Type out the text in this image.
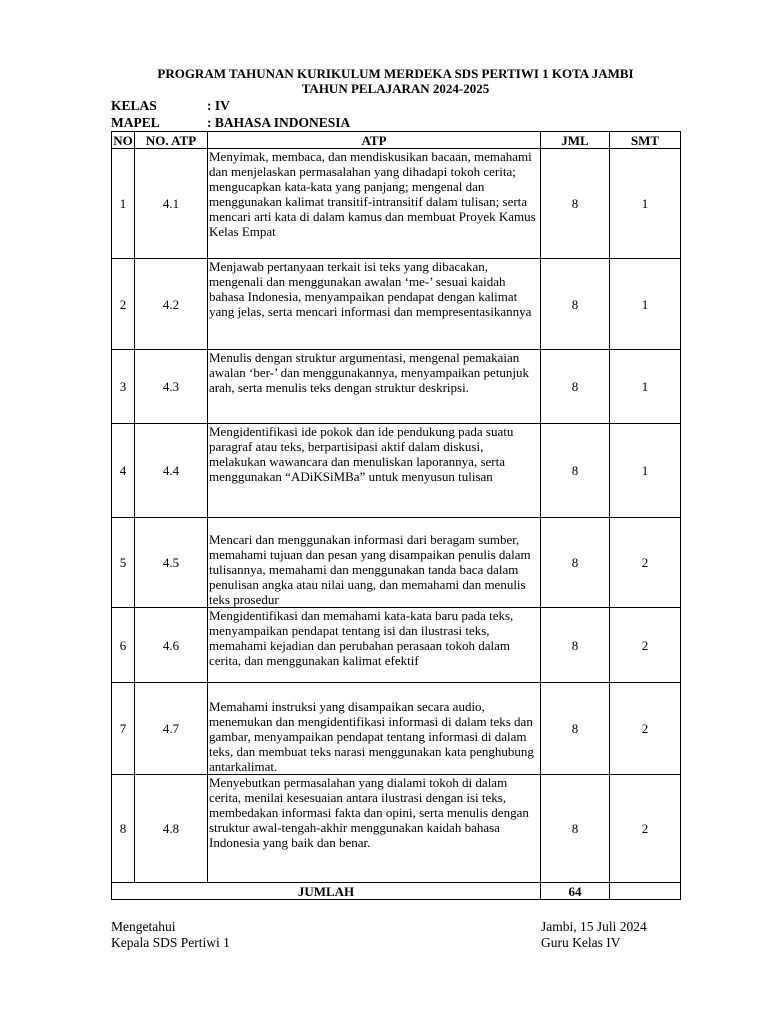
PROGRAM TAHUNAN KURIKULUM MERDEKA SDS PERTIWI 1 KOTA JAMBI
TAHUN PELAJARAN 2024-2025
KELAS	: IV
MAPEL	: BAHASA INDONESIA
NO	NO. ATP	ATP	JML	SMT
1	4.1	Menyimak, membaca, dan mendiskusikan bacaan, memahami dan menjelaskan permasalahan yang dihadapi tokoh cerita; mengucapkan kata-kata yang panjang; mengenal dan menggunakan kalimat transitif-intransitif dalam tulisan; serta mencari arti kata di dalam kamus dan membuat Proyek Kamus Kelas Empat	8	1
2	4.2	Menjawab pertanyaan terkait isi teks yang dibacakan, mengenali dan menggunakan awalan ‘me-’ sesuai kaidah bahasa Indonesia, menyampaikan pendapat dengan kalimat yang jelas, serta mencari informasi dan mempresentasikannya	8	1
3	4.3	Menulis dengan struktur argumentasi, mengenal pemakaian awalan ‘ber-’ dan menggunakannya, menyampaikan petunjuk arah, serta menulis teks dengan struktur deskripsi.	8	1
4	4.4	Mengidentifikasi ide pokok dan ide pendukung pada suatu paragraf atau teks, berpartisipasi aktif dalam diskusi, melakukan wawancara dan menuliskan laporannya, serta menggunakan “ADiKSiMBa” untuk menyusun tulisan	8	1
5	4.5	Mencari dan menggunakan informasi dari beragam sumber, memahami tujuan dan pesan yang disampaikan penulis dalam tulisannya, memahami dan menggunakan tanda baca dalam penulisan angka atau nilai uang, dan memahami dan menulis teks prosedur	8	2
6	4.6	Mengidentifikasi dan memahami kata-kata baru pada teks, menyampaikan pendapat tentang isi dan ilustrasi teks, memahami kejadian dan perubahan perasaan tokoh dalam cerita, dan menggunakan kalimat efektif	8	2
7	4.7	Memahami instruksi yang disampaikan secara audio, menemukan dan mengidentifikasi informasi di dalam teks dan gambar, menyampaikan pendapat tentang informasi di dalam teks, dan membuat teks narasi menggunakan kata penghubung antarkalimat.	8	2
8	4.8	Menyebutkan permasalahan yang dialami tokoh di dalam cerita, menilai kesesuaian antara ilustrasi dengan isi teks, membedakan informasi fakta dan opini, serta menulis dengan struktur awal-tengah-akhir menggunakan kaidah bahasa Indonesia yang baik dan benar.	8	2
JUMLAH			64	
Mengetahui
Kepala SDS Pertiwi 1
Jambi, 15 Juli 2024
Guru Kelas IV
